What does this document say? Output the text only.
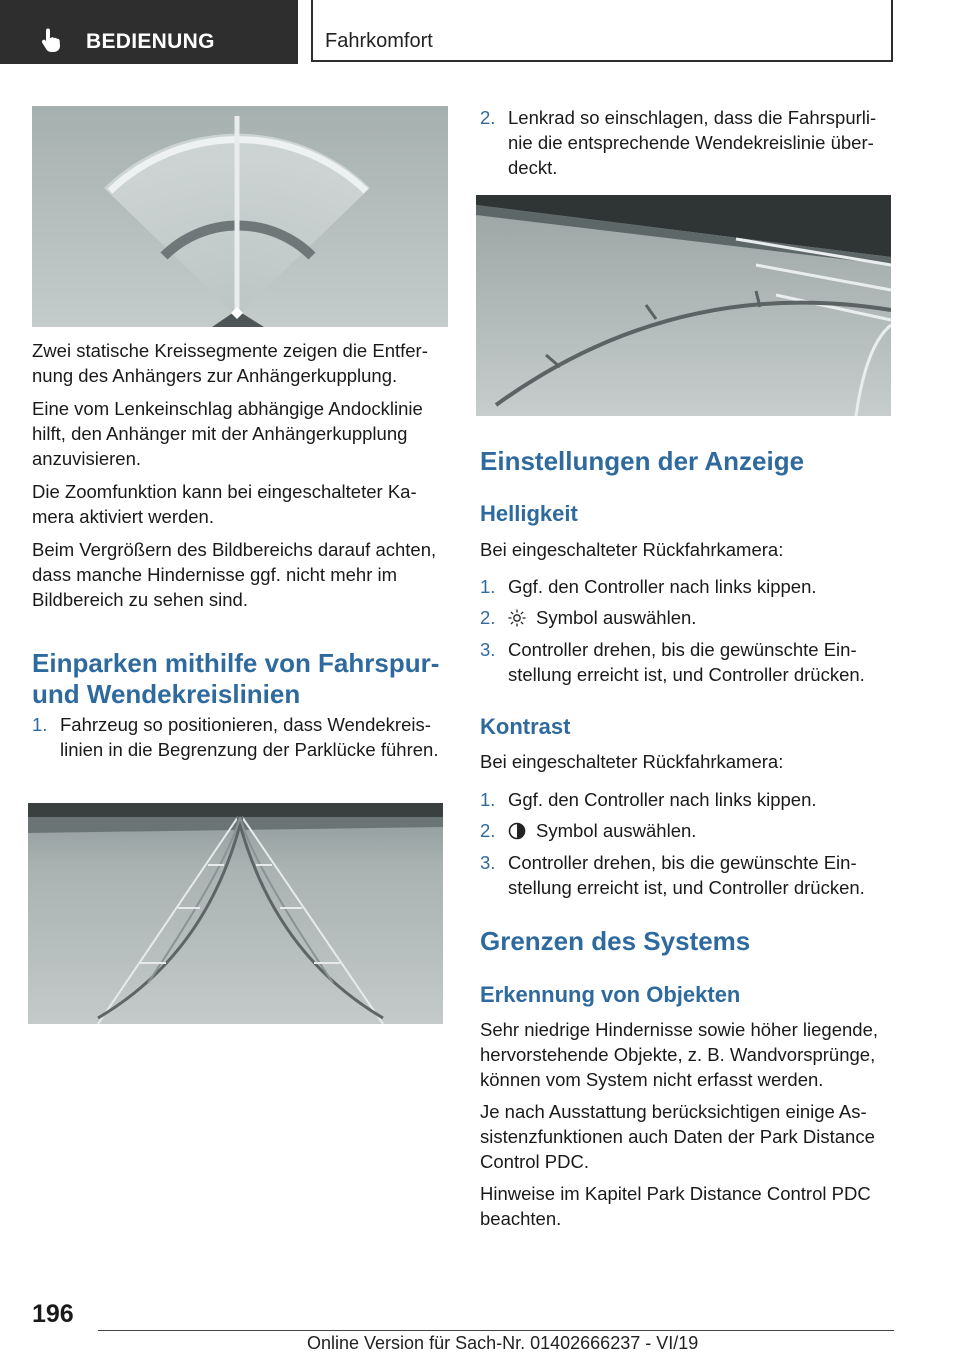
BEDIENUNG	Fahrkomfort

Zwei statische Kreissegmente zeigen die Entfernung des Anhängers zur Anhängerkupplung.

Eine vom Lenkeinschlag abhängige Andocklinie hilft, den Anhänger mit der Anhängerkupplung anzuvisieren.

Die Zoomfunktion kann bei eingeschalteter Kamera aktiviert werden.

Beim Vergrößern des Bildbereichs darauf achten, dass manche Hindernisse ggf. nicht mehr im Bildbereich zu sehen sind.

Einparken mithilfe von Fahrspur- und Wendekreislinien
1. Fahrzeug so positionieren, dass Wendekreislinien in die Begrenzung der Parklücke führen.
2. Lenkrad so einschlagen, dass die Fahrspurlinie die entsprechende Wendekreislinie überdeckt.
Einstellungen der Anzeige
Helligkeit

Bei eingeschalteter Rückfahrkamera:

1. Ggf. den Controller nach links kippen.
2.	Symbol auswählen.
3. Controller drehen, bis die gewünschte Einstellung erreicht ist, und Controller drücken.
Kontrast

Bei eingeschalteter Rückfahrkamera:

1. Ggf. den Controller nach links kippen.
2.	Symbol auswählen.
3. Controller drehen, bis die gewünschte Einstellung erreicht ist, und Controller drücken.
Grenzen des Systems
Erkennung von Objekten

Sehr niedrige Hindernisse sowie höher liegende, hervorstehende Objekte, z. B. Wandvorsprünge, können vom System nicht erfasst werden.

Je nach Ausstattung berücksichtigen einige Assistenzfunktionen auch Daten der Park Distance Control PDC.

Hinweise im Kapitel Park Distance Control PDC beachten.

196
Online Version für Sach-Nr. 01402666237 - VI/19
